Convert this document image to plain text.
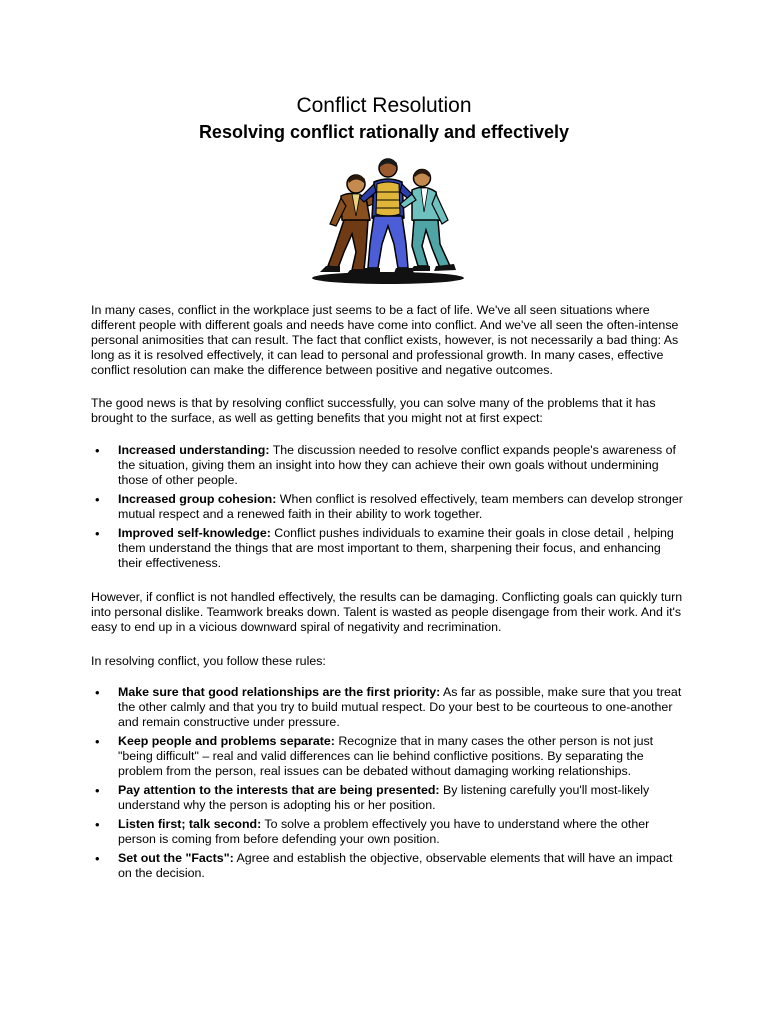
Conflict Resolution
Resolving conflict rationally and effectively

In many cases, conflict in the workplace just seems to be a fact of life. We've all seen situations where different people with different goals and needs have come into conflict. And we've all seen the often-intense personal animosities that can result. The fact that conflict exists, however, is not necessarily a bad thing: As long as it is resolved effectively, it can lead to personal and professional growth. In many cases, effective conflict resolution can make the difference between positive and negative outcomes.

The good news is that by resolving conflict successfully, you can solve many of the problems that it has brought to the surface, as well as getting benefits that you might not at first expect:

• Increased understanding: The discussion needed to resolve conflict expands people's awareness of the situation, giving them an insight into how they can achieve their own goals without undermining those of other people.
• Increased group cohesion: When conflict is resolved effectively, team members can develop stronger mutual respect and a renewed faith in their ability to work together.
• Improved self-knowledge: Conflict pushes individuals to examine their goals in close detail , helping them understand the things that are most important to them, sharpening their focus, and enhancing their effectiveness.

However, if conflict is not handled effectively, the results can be damaging. Conflicting goals can quickly turn into personal dislike. Teamwork breaks down. Talent is wasted as people disengage from their work. And it's easy to end up in a vicious downward spiral of negativity and recrimination.

In resolving conflict, you follow these rules:

• Make sure that good relationships are the first priority: As far as possible, make sure that you treat the other calmly and that you try to build mutual respect. Do your best to be courteous to one-another and remain constructive under pressure.
• Keep people and problems separate: Recognize that in many cases the other person is not just "being difficult" – real and valid differences can lie behind conflictive positions. By separating the problem from the person, real issues can be debated without damaging working relationships.
• Pay attention to the interests that are being presented: By listening carefully you'll most-likely understand why the person is adopting his or her position.
• Listen first; talk second: To solve a problem effectively you have to understand where the other person is coming from before defending your own position.
• Set out the "Facts": Agree and establish the objective, observable elements that will have an impact on the decision.
